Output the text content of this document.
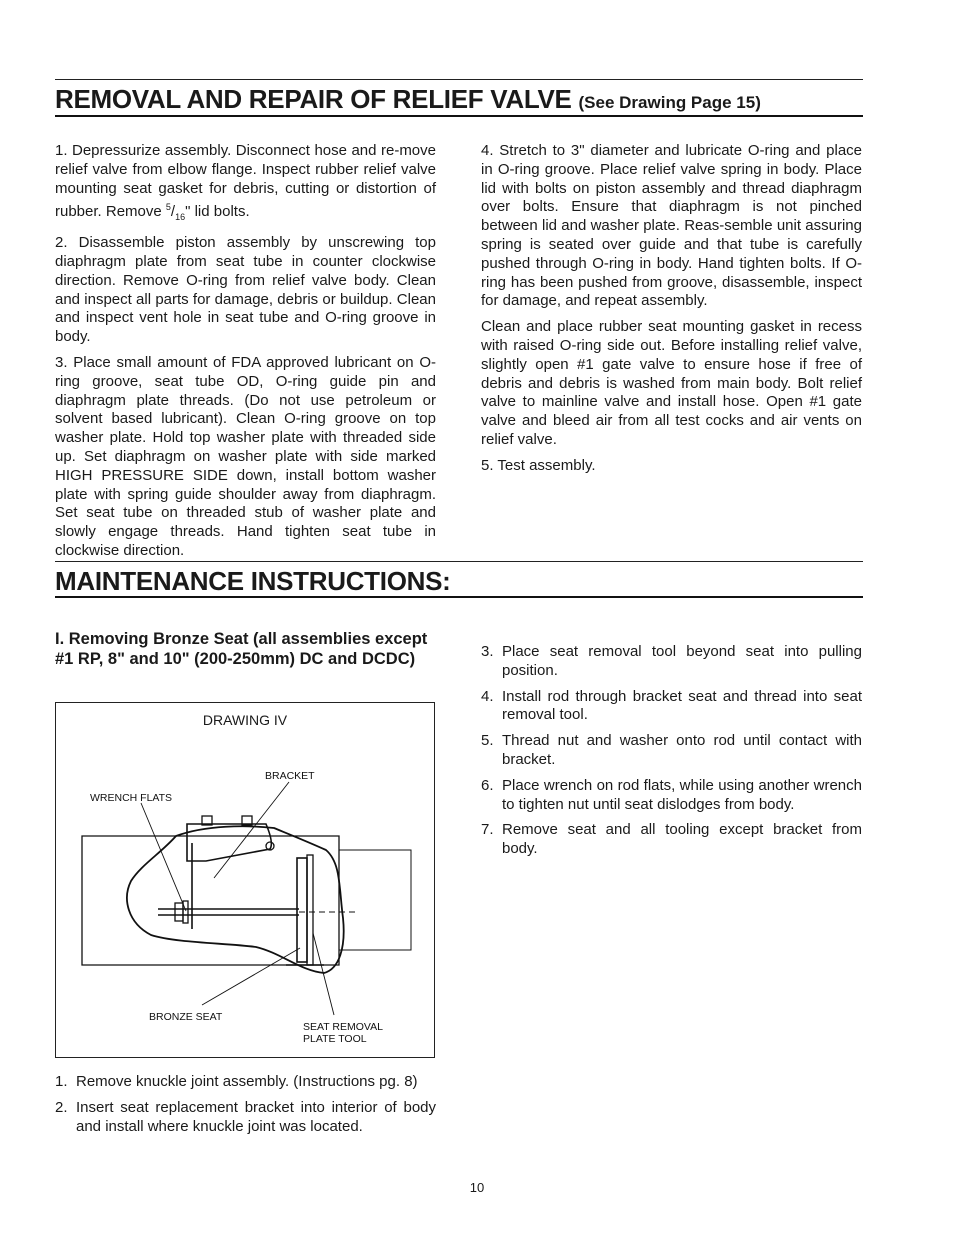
REMOVAL AND REPAIR OF RELIEF VALVE (See Drawing Page 15)

1. Depressurize assembly. Disconnect hose and re-move relief valve from elbow flange. Inspect rubber relief valve mounting seat gasket for debris, cutting or distortion of rubber. Remove $^5/_{16}$" lid bolts.

2. Disassemble piston assembly by unscrewing top diaphragm plate from seat tube in counter clockwise direction. Remove O-ring from relief valve body. Clean and inspect all parts for damage, debris or buildup. Clean and inspect vent hole in seat tube and O-ring groove in body.

3. Place small amount of FDA approved lubricant on O-ring groove, seat tube OD, O-ring guide pin and diaphragm plate threads. (Do not use petroleum or solvent based lubricant). Clean O-ring groove on top washer plate. Hold top washer plate with threaded side up. Set diaphragm on washer plate with side marked HIGH PRESSURE SIDE down, install bottom washer plate with spring guide shoulder away from diaphragm. Set seat tube on threaded stub of washer plate and slowly engage threads. Hand tighten seat tube in clockwise direction.

4. Stretch to 3" diameter and lubricate O-ring and place in O-ring groove. Place relief valve spring in body. Place lid with bolts on piston assembly and thread diaphragm over bolts. Ensure that diaphragm is not pinched between lid and washer plate. Reas-semble unit assuring spring is seated over guide and that tube is carefully pushed through O-ring in body. Hand tighten bolts. If O-ring has been pushed from groove, disassemble, inspect for damage, and repeat assembly.

Clean and place rubber seat mounting gasket in recess with raised O-ring side out. Before installing relief valve, slightly open #1 gate valve to ensure hose if free of debris and debris is washed from main body. Bolt relief valve to mainline valve and install hose. Open #1 gate valve and bleed air from all test cocks and air vents on relief valve.

5. Test assembly.

MAINTENANCE INSTRUCTIONS:
I. Removing Bronze Seat (all assemblies except #1 RP, 8" and 10" (200-250mm) DC and DCDC)
DRAWING IV
BRACKET
WRENCH FLATS
BRONZE SEAT
SEAT REMOVAL
PLATE TOOL
1. Remove knuckle joint assembly. (Instructions pg. 8)
2. Insert seat replacement bracket into interior of body and install where knuckle joint was located.
3. Place seat removal tool beyond seat into pulling position.
4. Install rod through bracket seat and thread into seat removal tool.
5. Thread nut and washer onto rod until contact with bracket.
6. Place wrench on rod flats, while using another wrench to tighten nut until seat dislodges from body.
7. Remove seat and all tooling except bracket from body.
10
